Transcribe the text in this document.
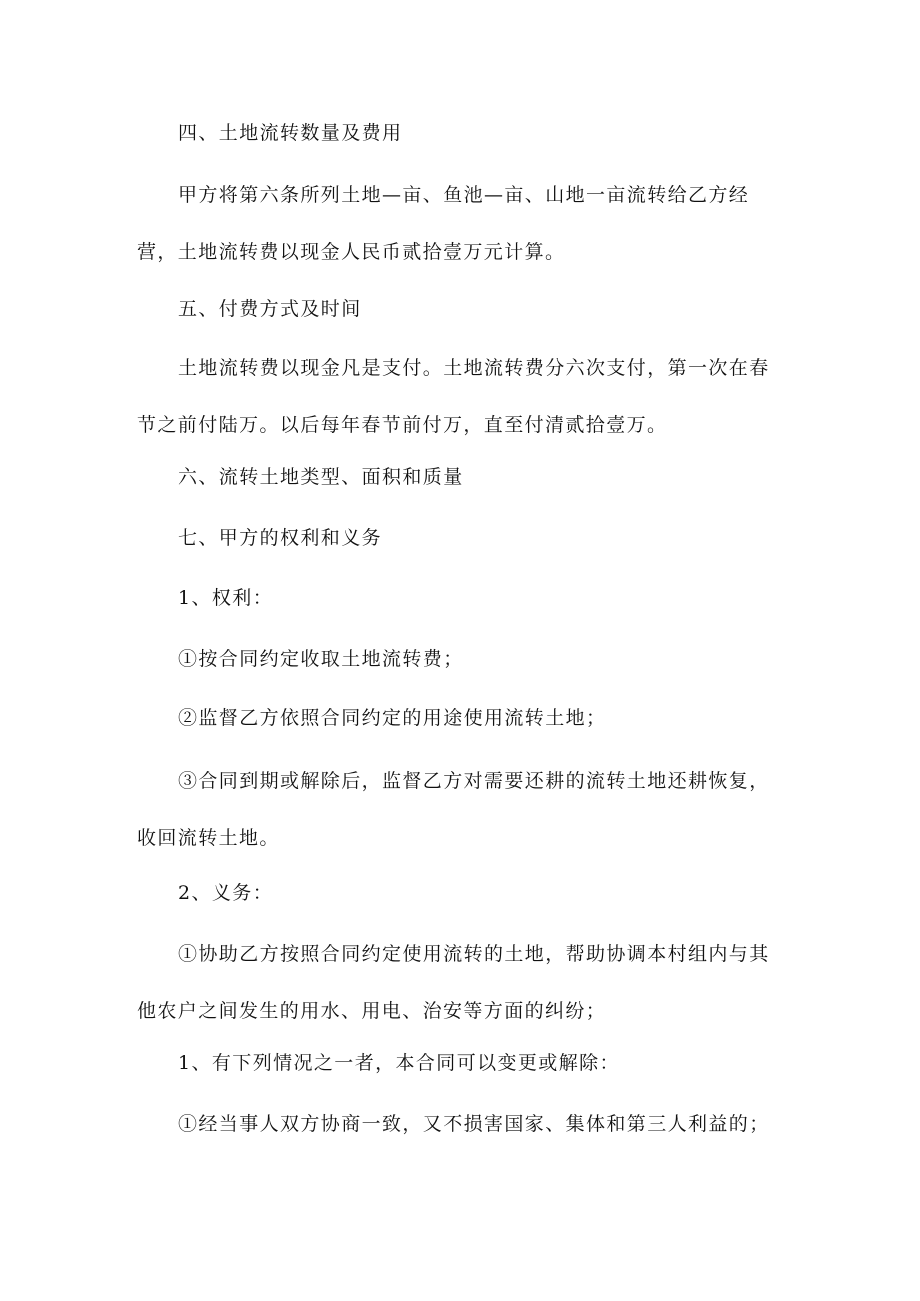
四、土地流转数量及费用

甲方将第六条所列土地—亩、鱼池—亩、山地一亩流转给乙方经营，土地流转费以现金人民币贰拾壹万元计算。

五、付费方式及时间

土地流转费以现金凡是支付。土地流转费分六次支付，第一次在春节之前付陆万。以后每年春节前付万，直至付清贰拾壹万。

六、流转土地类型、面积和质量

七、甲方的权利和义务

1、权利：

①按合同约定收取土地流转费；

②监督乙方依照合同约定的用途使用流转土地；

③合同到期或解除后，监督乙方对需要还耕的流转土地还耕恢复，收回流转土地。

2、义务：

①协助乙方按照合同约定使用流转的土地，帮助协调本村组内与其他农户之间发生的用水、用电、治安等方面的纠纷；

1、有下列情况之一者，本合同可以变更或解除：

①经当事人双方协商一致，又不损害国家、集体和第三人利益的；
